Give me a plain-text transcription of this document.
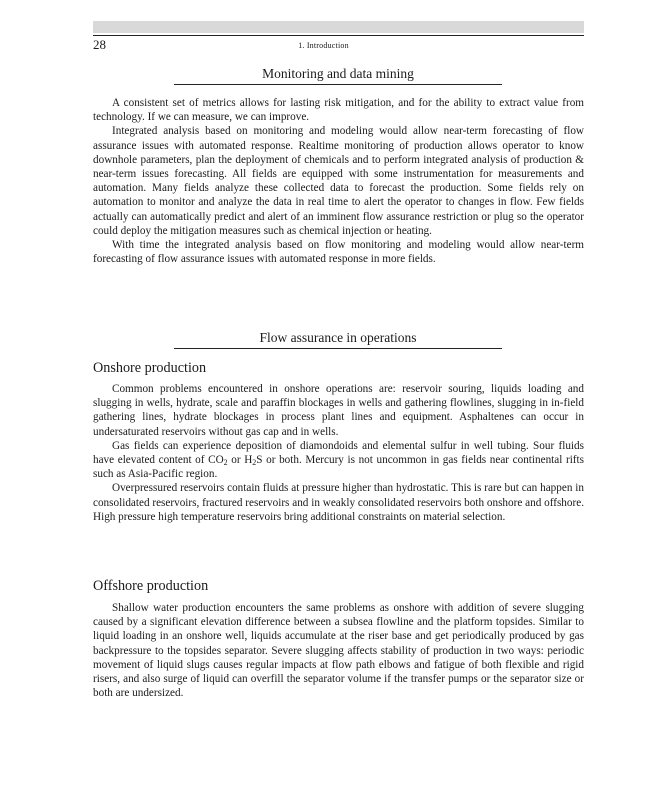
28	1. Introduction
Monitoring and data mining

A consistent set of metrics allows for lasting risk mitigation, and for the ability to extract value from technology. If we can measure, we can improve.

Integrated analysis based on monitoring and modeling would allow near-term forecasting of flow assurance issues with automated response. Realtime monitoring of production allows operator to know downhole parameters, plan the deployment of chemicals and to perform integrated analysis of production & near-term issues forecasting. All fields are equipped with some instrumentation for measurements and automation. Many fields analyze these collected data to forecast the production. Some fields rely on automation to monitor and analyze the data in real time to alert the operator to changes in flow. Few fields actually can automatically predict and alert of an imminent flow assurance restriction or plug so the operator could deploy the mitigation measures such as chemical injection or heating.

With time the integrated analysis based on flow monitoring and modeling would allow near-term forecasting of flow assurance issues with automated response in more fields.

Flow assurance in operations
Onshore production

Common problems encountered in onshore operations are: reservoir souring, liquids loading and slugging in wells, hydrate, scale and paraffin blockages in wells and gathering flowlines, slugging in in-field gathering lines, hydrate blockages in process plant lines and equipment. Asphaltenes can occur in undersaturated reservoirs without gas cap and in wells.

Gas fields can experience deposition of diamondoids and elemental sulfur in well tubing. Sour fluids have elevated content of $CO_2$ or $H_2S$ or both. Mercury is not uncommon in gas fields near continental rifts such as Asia-Pacific region.

Overpressured reservoirs contain fluids at pressure higher than hydrostatic. This is rare but can happen in consolidated reservoirs, fractured reservoirs and in weakly consolidated reservoirs both onshore and offshore. High pressure high temperature reservoirs bring additional constraints on material selection.

Offshore production

Shallow water production encounters the same problems as onshore with addition of severe slugging caused by a significant elevation difference between a subsea flowline and the platform topsides. Similar to liquid loading in an onshore well, liquids accumulate at the riser base and get periodically produced by gas backpressure to the topsides separator. Severe slugging affects stability of production in two ways: periodic movement of liquid slugs causes regular impacts at flow path elbows and fatigue of both flexible and rigid risers, and also surge of liquid can overfill the separator volume if the transfer pumps or the separator size or both are undersized.
